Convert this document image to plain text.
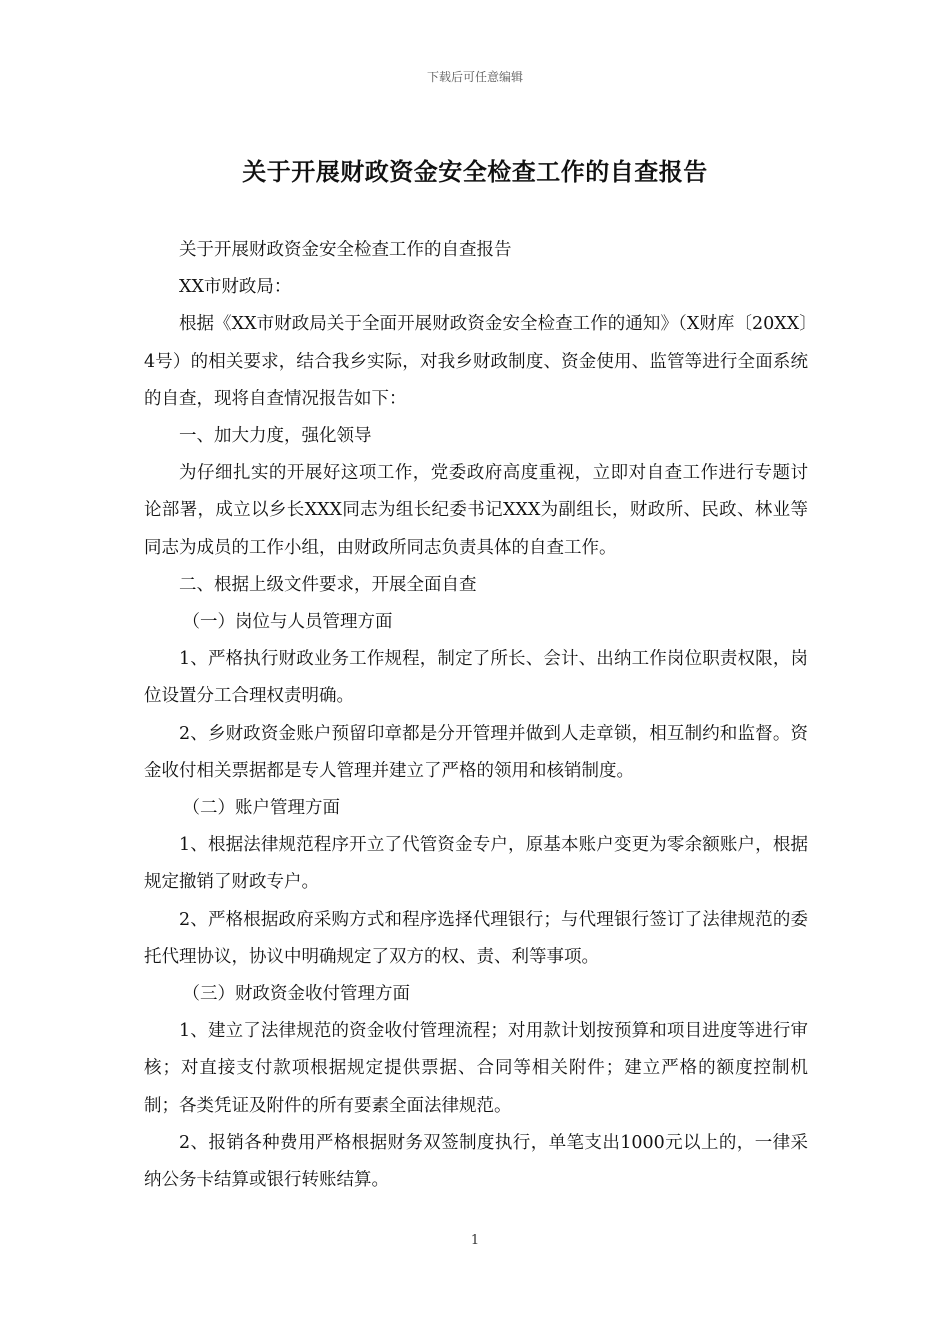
下载后可任意编辑
关于开展财政资金安全检查工作的自查报告

关于开展财政资金安全检查工作的自查报告

XX市财政局：

根据《XX市财政局关于全面开展财政资金安全检查工作的通知》（X财库〔20XX〕4号）的相关要求，结合我乡实际，对我乡财政制度、资金使用、监管等进行全面系统的自查，现将自查情况报告如下：

一、加大力度，强化领导

为仔细扎实的开展好这项工作，党委政府高度重视，立即对自查工作进行专题讨论部署，成立以乡长XXX同志为组长纪委书记XXX为副组长，财政所、民政、林业等同志为成员的工作小组，由财政所同志负责具体的自查工作。

二、根据上级文件要求，开展全面自查

（一）岗位与人员管理方面

1、严格执行财政业务工作规程，制定了所长、会计、出纳工作岗位职责权限，岗位设置分工合理权责明确。

2、乡财政资金账户预留印章都是分开管理并做到人走章锁，相互制约和监督。资金收付相关票据都是专人管理并建立了严格的领用和核销制度。

（二）账户管理方面

1、根据法律规范程序开立了代管资金专户，原基本账户变更为零余额账户，根据规定撤销了财政专户。

2、严格根据政府采购方式和程序选择代理银行；与代理银行签订了法律规范的委托代理协议，协议中明确规定了双方的权、责、利等事项。

（三）财政资金收付管理方面

1、建立了法律规范的资金收付管理流程；对用款计划按预算和项目进度等进行审核；对直接支付款项根据规定提供票据、合同等相关附件；建立严格的额度控制机制；各类凭证及附件的所有要素全面法律规范。

2、报销各种费用严格根据财务双签制度执行，单笔支出1000元以上的，一律采纳公务卡结算或银行转账结算。

1
